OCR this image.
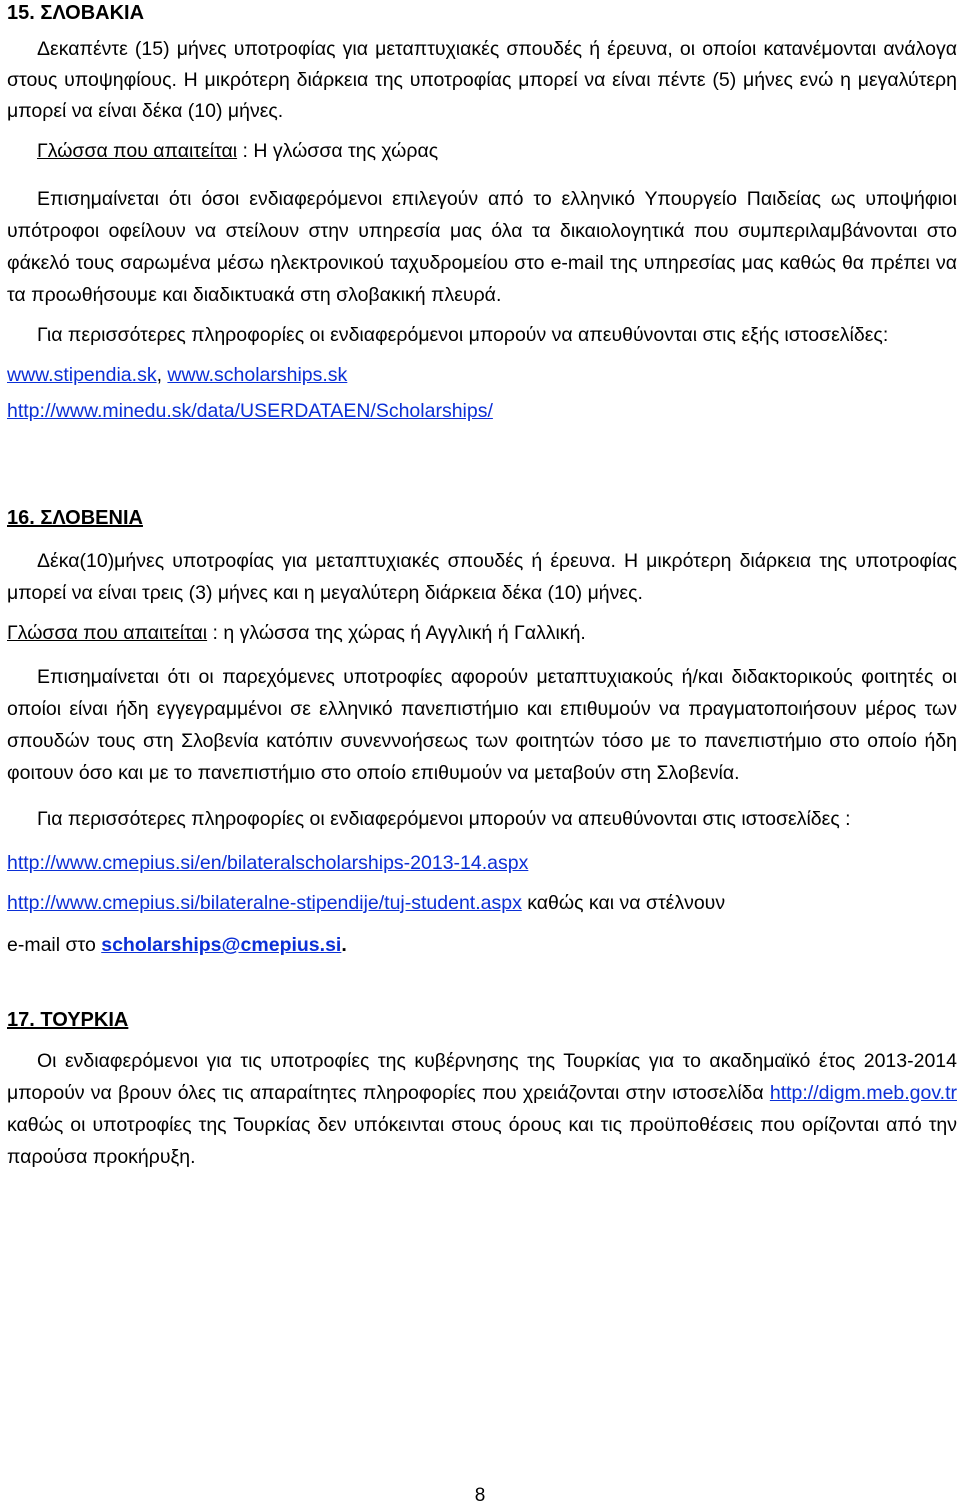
15. ΣΛΟΒΑΚΙΑ

Δεκαπέντε (15) μήνες υποτροφίας για μεταπτυχιακές σπουδές ή έρευνα, οι οποίοι κατανέμονται ανάλογα στους υποψηφίους. Η μικρότερη διάρκεια της υποτροφίας μπορεί να είναι πέντε (5) μήνες ενώ η μεγαλύτερη μπορεί να είναι δέκα (10) μήνες.

Γλώσσα που απαιτείται : Η γλώσσα της χώρας

Επισημαίνεται ότι όσοι ενδιαφερόμενοι επιλεγούν από το ελληνικό Υπουργείο Παιδείας ως υποψήφιοι υπότροφοι οφείλουν να στείλουν στην υπηρεσία μας όλα τα δικαιολογητικά που συμπεριλαμβάνονται στο φάκελό τους σαρωμένα μέσω ηλεκτρονικού ταχυδρομείου στο e-mail της υπηρεσίας μας καθώς θα πρέπει να τα προωθήσουμε και διαδικτυακά στη σλοβακική πλευρά.

Για περισσότερες πληροφορίες οι ενδιαφερόμενοι μπορούν να απευθύνονται στις εξής ιστοσελίδες:

www.stipendia.sk, www.scholarships.sk

http://www.minedu.sk/data/USERDATAEN/Scholarships/

16. ΣΛΟΒΕΝΙΑ

Δέκα(10)μήνες υποτροφίας για μεταπτυχιακές σπουδές ή έρευνα. Η μικρότερη διάρκεια της υποτροφίας μπορεί να είναι τρεις (3) μήνες και η μεγαλύτερη διάρκεια δέκα (10) μήνες.

Γλώσσα που απαιτείται : η γλώσσα της χώρας ή Αγγλική ή Γαλλική.

Επισημαίνεται ότι οι παρεχόμενες υποτροφίες αφορούν μεταπτυχιακούς ή/και διδακτορικούς φοιτητές οι οποίοι είναι ήδη εγγεγραμμένοι σε ελληνικό πανεπιστήμιο και επιθυμούν να πραγματοποιήσουν μέρος των σπουδών τους στη Σλοβενία κατόπιν συνεννοήσεως των φοιτητών τόσο με το πανεπιστήμιο στο οποίο ήδη φοιτουν όσο και με το πανεπιστήμιο στο οποίο επιθυμούν να μεταβούν στη Σλοβενία.

Για περισσότερες πληροφορίες οι ενδιαφερόμενοι μπορούν να απευθύνονται στις ιστοσελίδες :

http://www.cmepius.si/en/bilateralscholarships-2013-14.aspx

http://www.cmepius.si/bilateralne-stipendije/tuj-student.aspx καθώς και να στέλνουν

e-mail στο scholarships@cmepius.si.

17. ΤΟΥΡΚΙΑ

Οι ενδιαφερόμενοι για τις υποτροφίες της κυβέρνησης της Τουρκίας για το ακαδημαϊκό έτος 2013-2014 μπορούν να βρουν όλες τις απαραίτητες πληροφορίες που χρειάζονται στην ιστοσελίδα http://digm.meb.gov.tr καθώς οι υποτροφίες της Τουρκίας δεν υπόκεινται στους όρους και τις προϋποθέσεις που ορίζονται από την παρούσα προκήρυξη.

8
